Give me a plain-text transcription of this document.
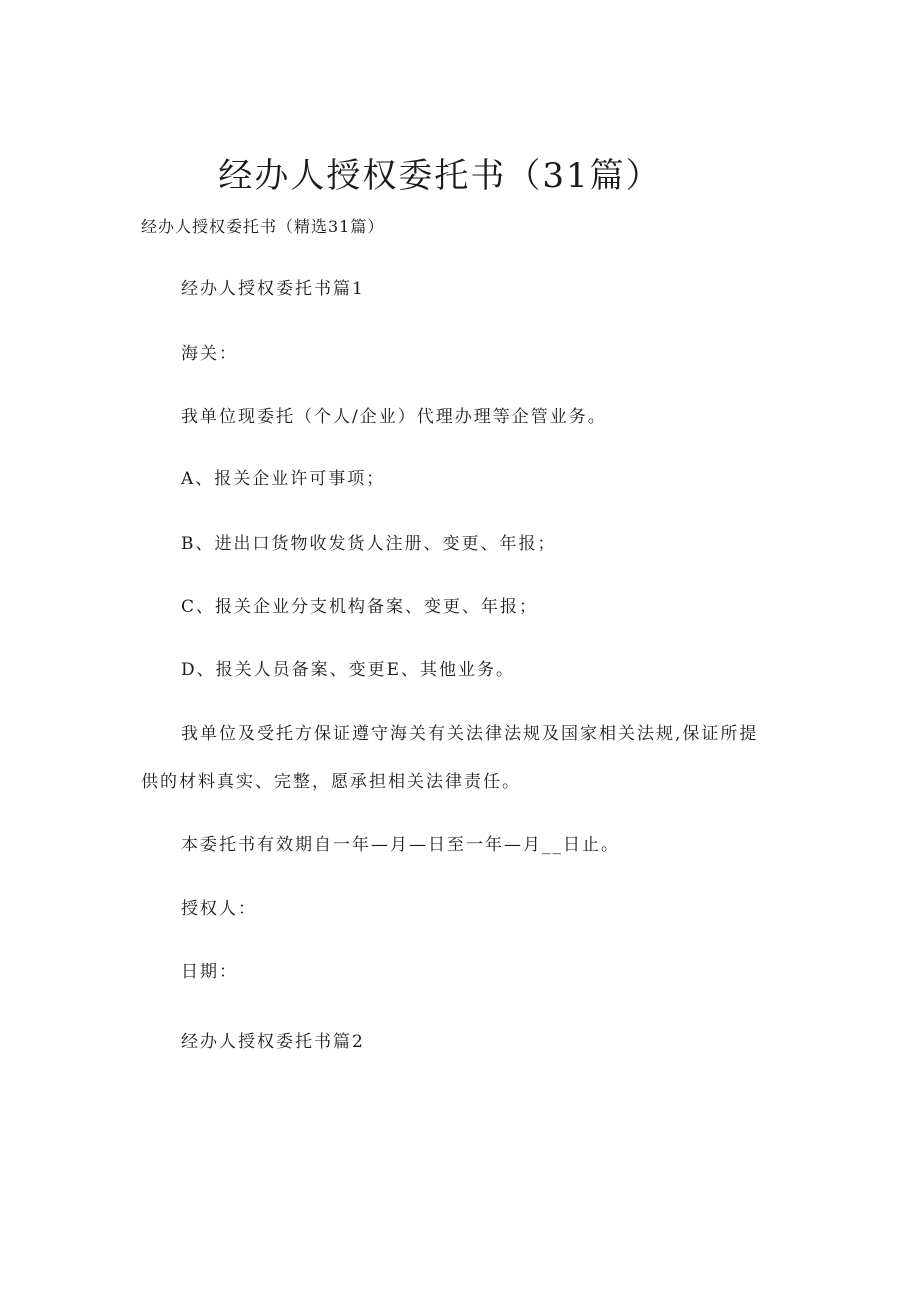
经办人授权委托书（31篇）
经办人授权委托书（精选31篇）
经办人授权委托书篇1
海关：
我单位现委托（个人/企业）代理办理等企管业务。
A、报关企业许可事项；
B、进出口货物收发货人注册、变更、年报；
C、报关企业分支机构备案、变更、年报；
D、报关人员备案、变更E、其他业务。
我单位及受托方保证遵守海关有关法律法规及国家相关法规,保证所提
供的材料真实、完整，愿承担相关法律责任。
本委托书有效期自一年—月—日至一年—月__日止。
授权人：
日期：
经办人授权委托书篇2
